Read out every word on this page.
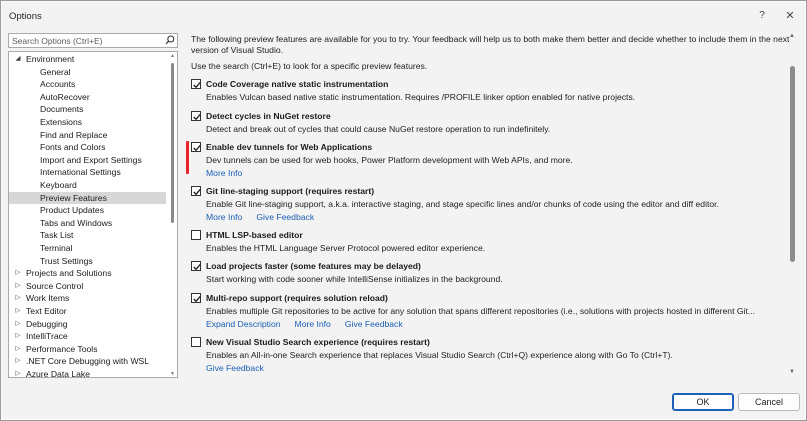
Options	?	✕
Search Options (Ctrl+E)
▲
▼
◢ Environment
General
Accounts
AutoRecover
Documents
Extensions
Find and Replace
Fonts and Colors
Import and Export Settings
International Settings
Keyboard
Preview Features
Product Updates
Tabs and Windows
Task List
Terminal
Trust Settings
▷ Projects and Solutions
▷ Source Control
▷ Work Items
▷ Text Editor
▷ Debugging
▷ IntelliTrace
▷ Performance Tools
▷ .NET Core Debugging with WSL
▷ Azure Data Lake
The following preview features are available for you to try. Your feedback will help us to both make them better and decide whether to include them in the next version of Visual Studio.
Use the search (Ctrl+E) to look for a specific preview features.
Code Coverage native static instrumentation
Enables Vulcan based native static instrumentation. Requires /PROFILE linker option enabled for native projects.
Detect cycles in NuGet restore
Detect and break out of cycles that could cause NuGet restore operation to run indefinitely.
Enable dev tunnels for Web Applications
Dev tunnels can be used for web hooks, Power Platform development with Web APIs, and more.
More Info
Git line-staging support (requires restart)
Enable Git line-staging support, a.k.a. interactive staging, and stage specific lines and/or chunks of code using the editor and diff editor.
More Info Give Feedback
HTML LSP-based editor
Enables the HTML Language Server Protocol powered editor experience.
Load projects faster (some features may be delayed)
Start working with code sooner while IntelliSense initializes in the background.
Multi-repo support (requires solution reload)
Enables multiple Git repositories to be active for any solution that spans different repositories (i.e., solutions with projects hosted in different Git...
Expand Description More Info Give Feedback
New Visual Studio Search experience (requires restart)
Enables an All-in-one Search experience that replaces Visual Studio Search (Ctrl+Q) experience along with Go To (Ctrl+T).
Give Feedback
▲
▼
OK	Cancel
